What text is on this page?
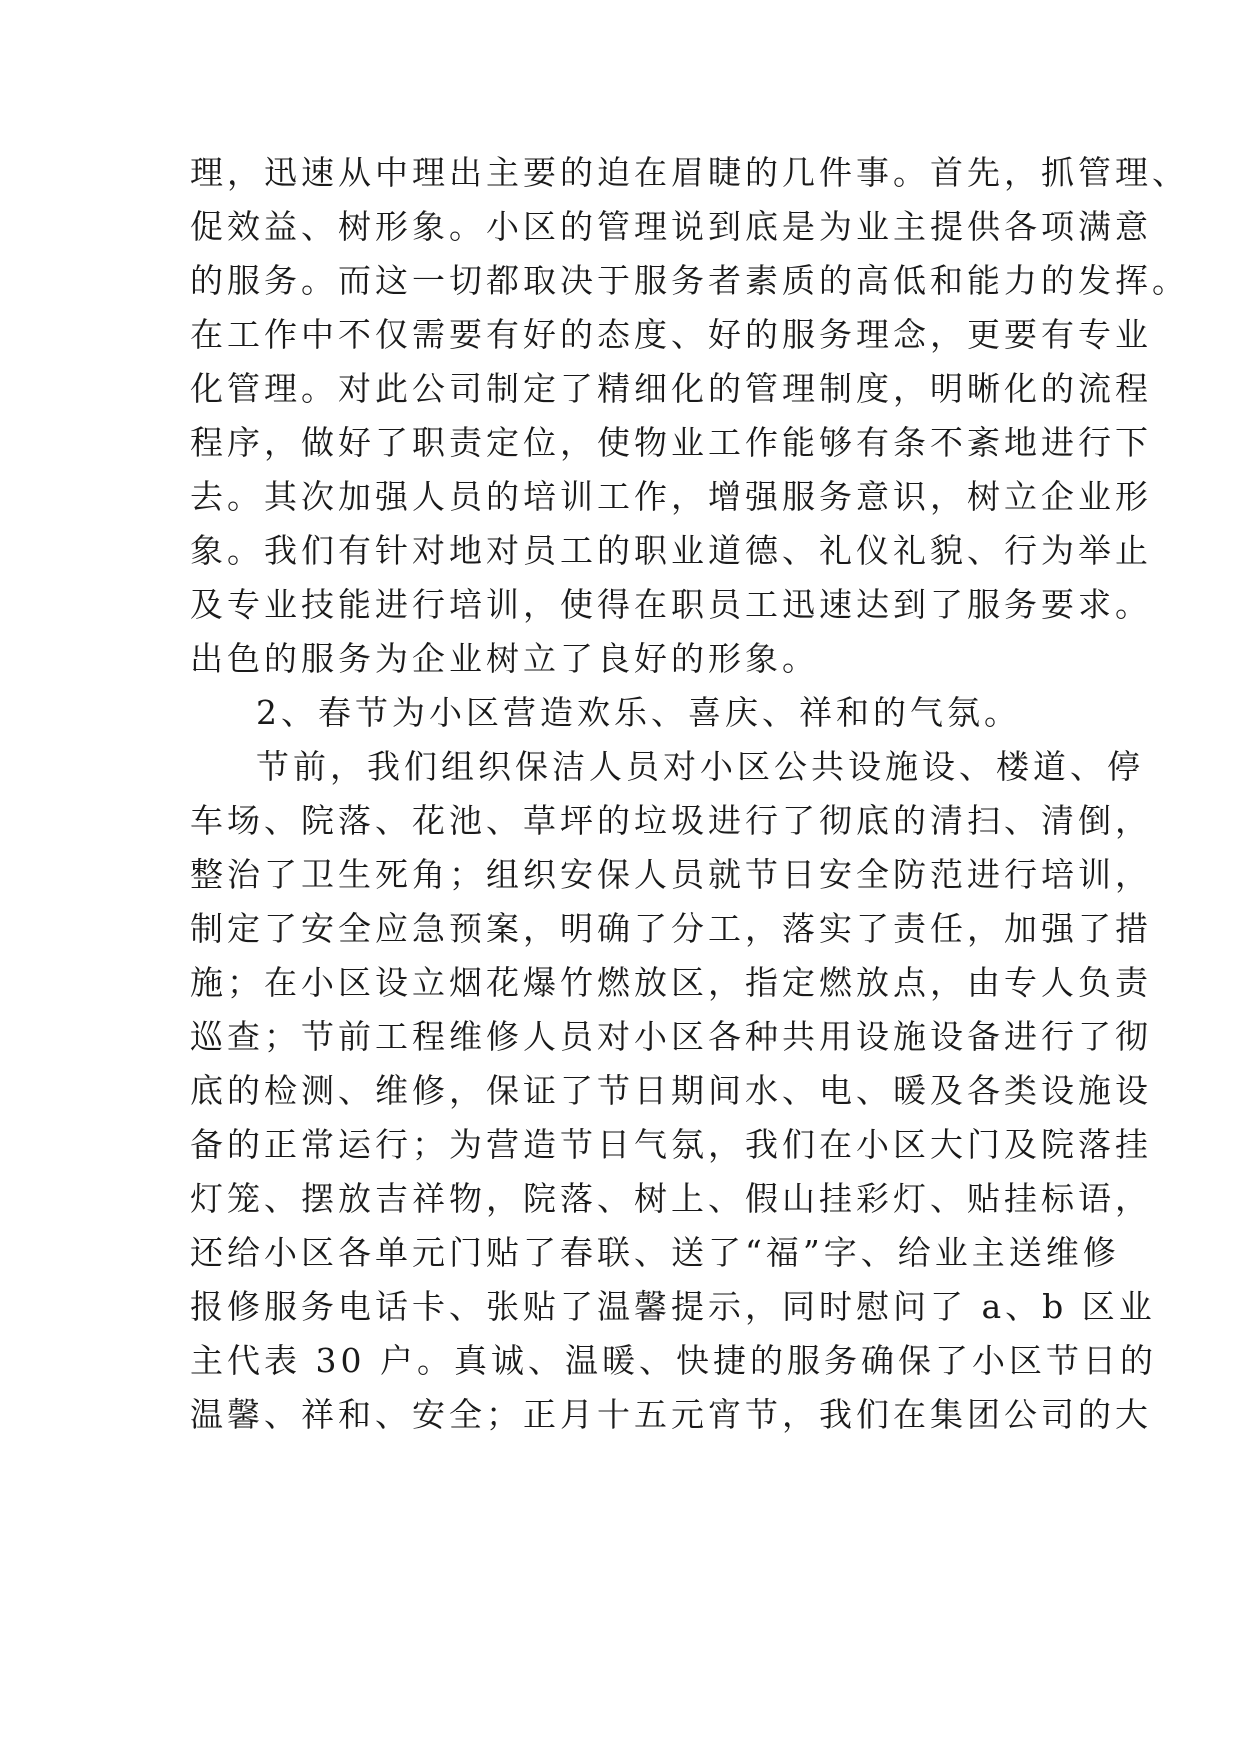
理，迅速从中理出主要的迫在眉睫的几件事。首先，抓管理、
促效益、树形象。小区的管理说到底是为业主提供各项满意
的服务。而这一切都取决于服务者素质的高低和能力的发挥。
在工作中不仅需要有好的态度、好的服务理念，更要有专业
化管理。对此公司制定了精细化的管理制度，明晰化的流程
程序，做好了职责定位，使物业工作能够有条不紊地进行下
去。其次加强人员的培训工作，增强服务意识，树立企业形
象。我们有针对地对员工的职业道德、礼仪礼貌、行为举止
及专业技能进行培训，使得在职员工迅速达到了服务要求。
出色的服务为企业树立了良好的形象。
2、春节为小区营造欢乐、喜庆、祥和的气氛。
节前，我们组织保洁人员对小区公共设施设、楼道、停
车场、院落、花池、草坪的垃圾进行了彻底的清扫、清倒，
整治了卫生死角；组织安保人员就节日安全防范进行培训，
制定了安全应急预案，明确了分工，落实了责任，加强了措
施；在小区设立烟花爆竹燃放区，指定燃放点，由专人负责
巡查；节前工程维修人员对小区各种共用设施设备进行了彻
底的检测、维修，保证了节日期间水、电、暖及各类设施设
备的正常运行；为营造节日气氛，我们在小区大门及院落挂
灯笼、摆放吉祥物，院落、树上、假山挂彩灯、贴挂标语，
还给小区各单元门贴了春联、送了“福”字、给业主送维修
报修服务电话卡、张贴了温馨提示，同时慰问了 a、b 区业
主代表 30 户。真诚、温暖、快捷的服务确保了小区节日的
温馨、祥和、安全；正月十五元宵节，我们在集团公司的大
